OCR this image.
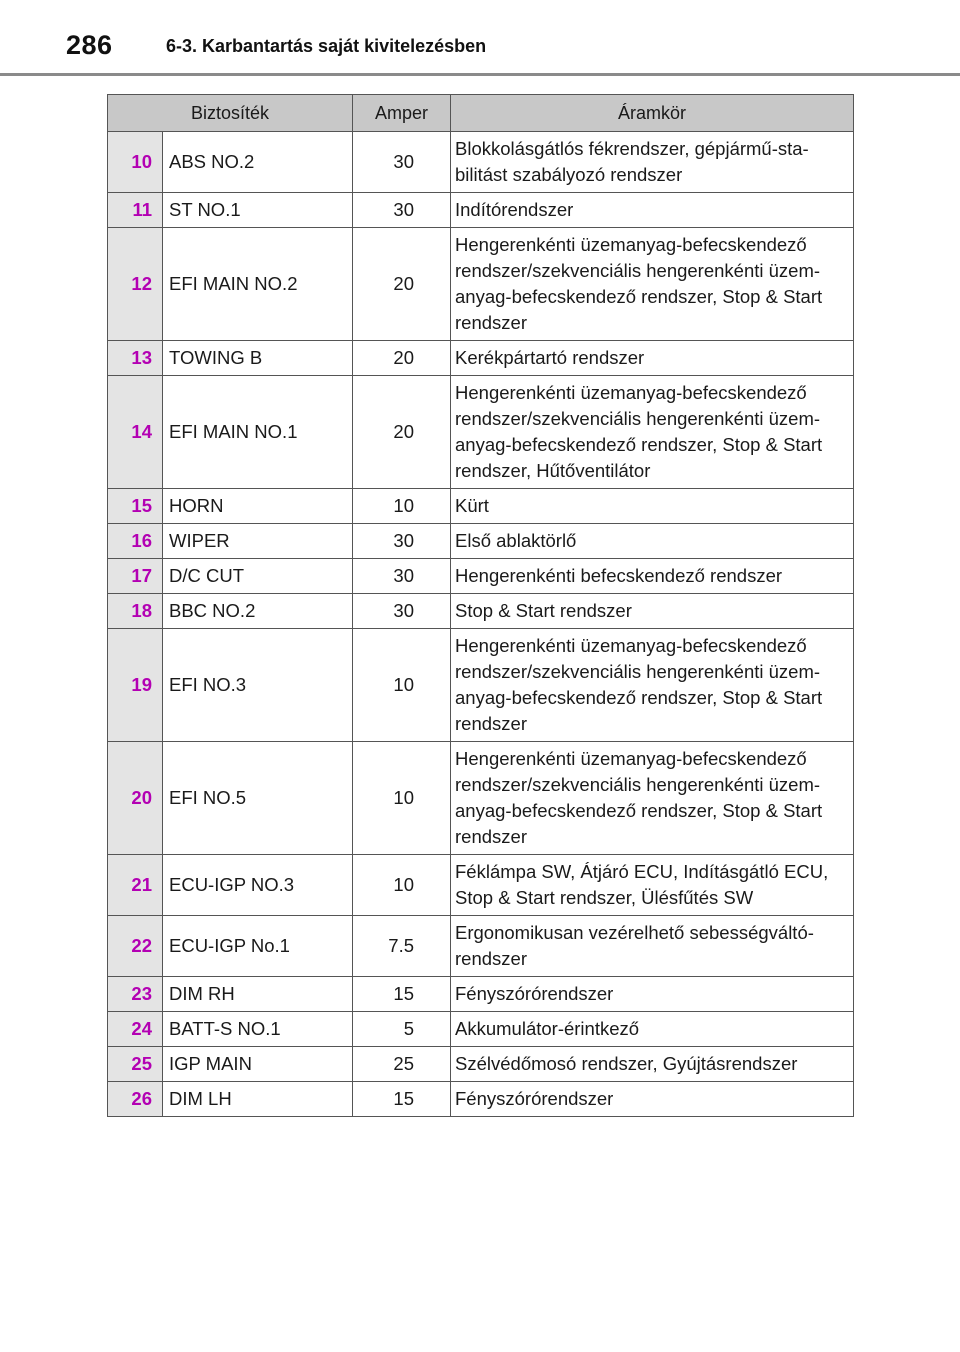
286	6-3. Karbantartás saját kivitelezésben
Biztosíték		Amper	Áramkör
10	ABS NO.2	30	Blokkolásgátlós fékrendszer, gépjármű-sta-bilitást szabályozó rendszer
11	ST NO.1	30	Indítórendszer
12	EFI MAIN NO.2	20	Hengerenkénti üzemanyag-befecskendező rendszer/szekvenciális hengerenkénti üzem-anyag-befecskendező rendszer, Stop & Start rendszer
13	TOWING B	20	Kerékpártartó rendszer
14	EFI MAIN NO.1	20	Hengerenkénti üzemanyag-befecskendező rendszer/szekvenciális hengerenkénti üzem-anyag-befecskendező rendszer, Stop & Start rendszer, Hűtőventilátor
15	HORN	10	Kürt
16	WIPER	30	Első ablaktörlő
17	D/C CUT	30	Hengerenkénti befecskendező rendszer
18	BBC NO.2	30	Stop & Start rendszer
19	EFI NO.3	10	Hengerenkénti üzemanyag-befecskendező rendszer/szekvenciális hengerenkénti üzem-anyag-befecskendező rendszer, Stop & Start rendszer
20	EFI NO.5	10	Hengerenkénti üzemanyag-befecskendező rendszer/szekvenciális hengerenkénti üzem-anyag-befecskendező rendszer, Stop & Start rendszer
21	ECU-IGP NO.3	10	Féklámpa SW, Átjáró ECU, Indításgátló ECU, Stop & Start rendszer, Ülésfűtés SW
22	ECU-IGP No.1	7.5	Ergonomikusan vezérelhető sebességváltó-rendszer
23	DIM RH	15	Fényszórórendszer
24	BATT-S NO.1	5	Akkumulátor-érintkező
25	IGP MAIN	25	Szélvédőmosó rendszer, Gyújtásrendszer
26	DIM LH	15	Fényszórórendszer
